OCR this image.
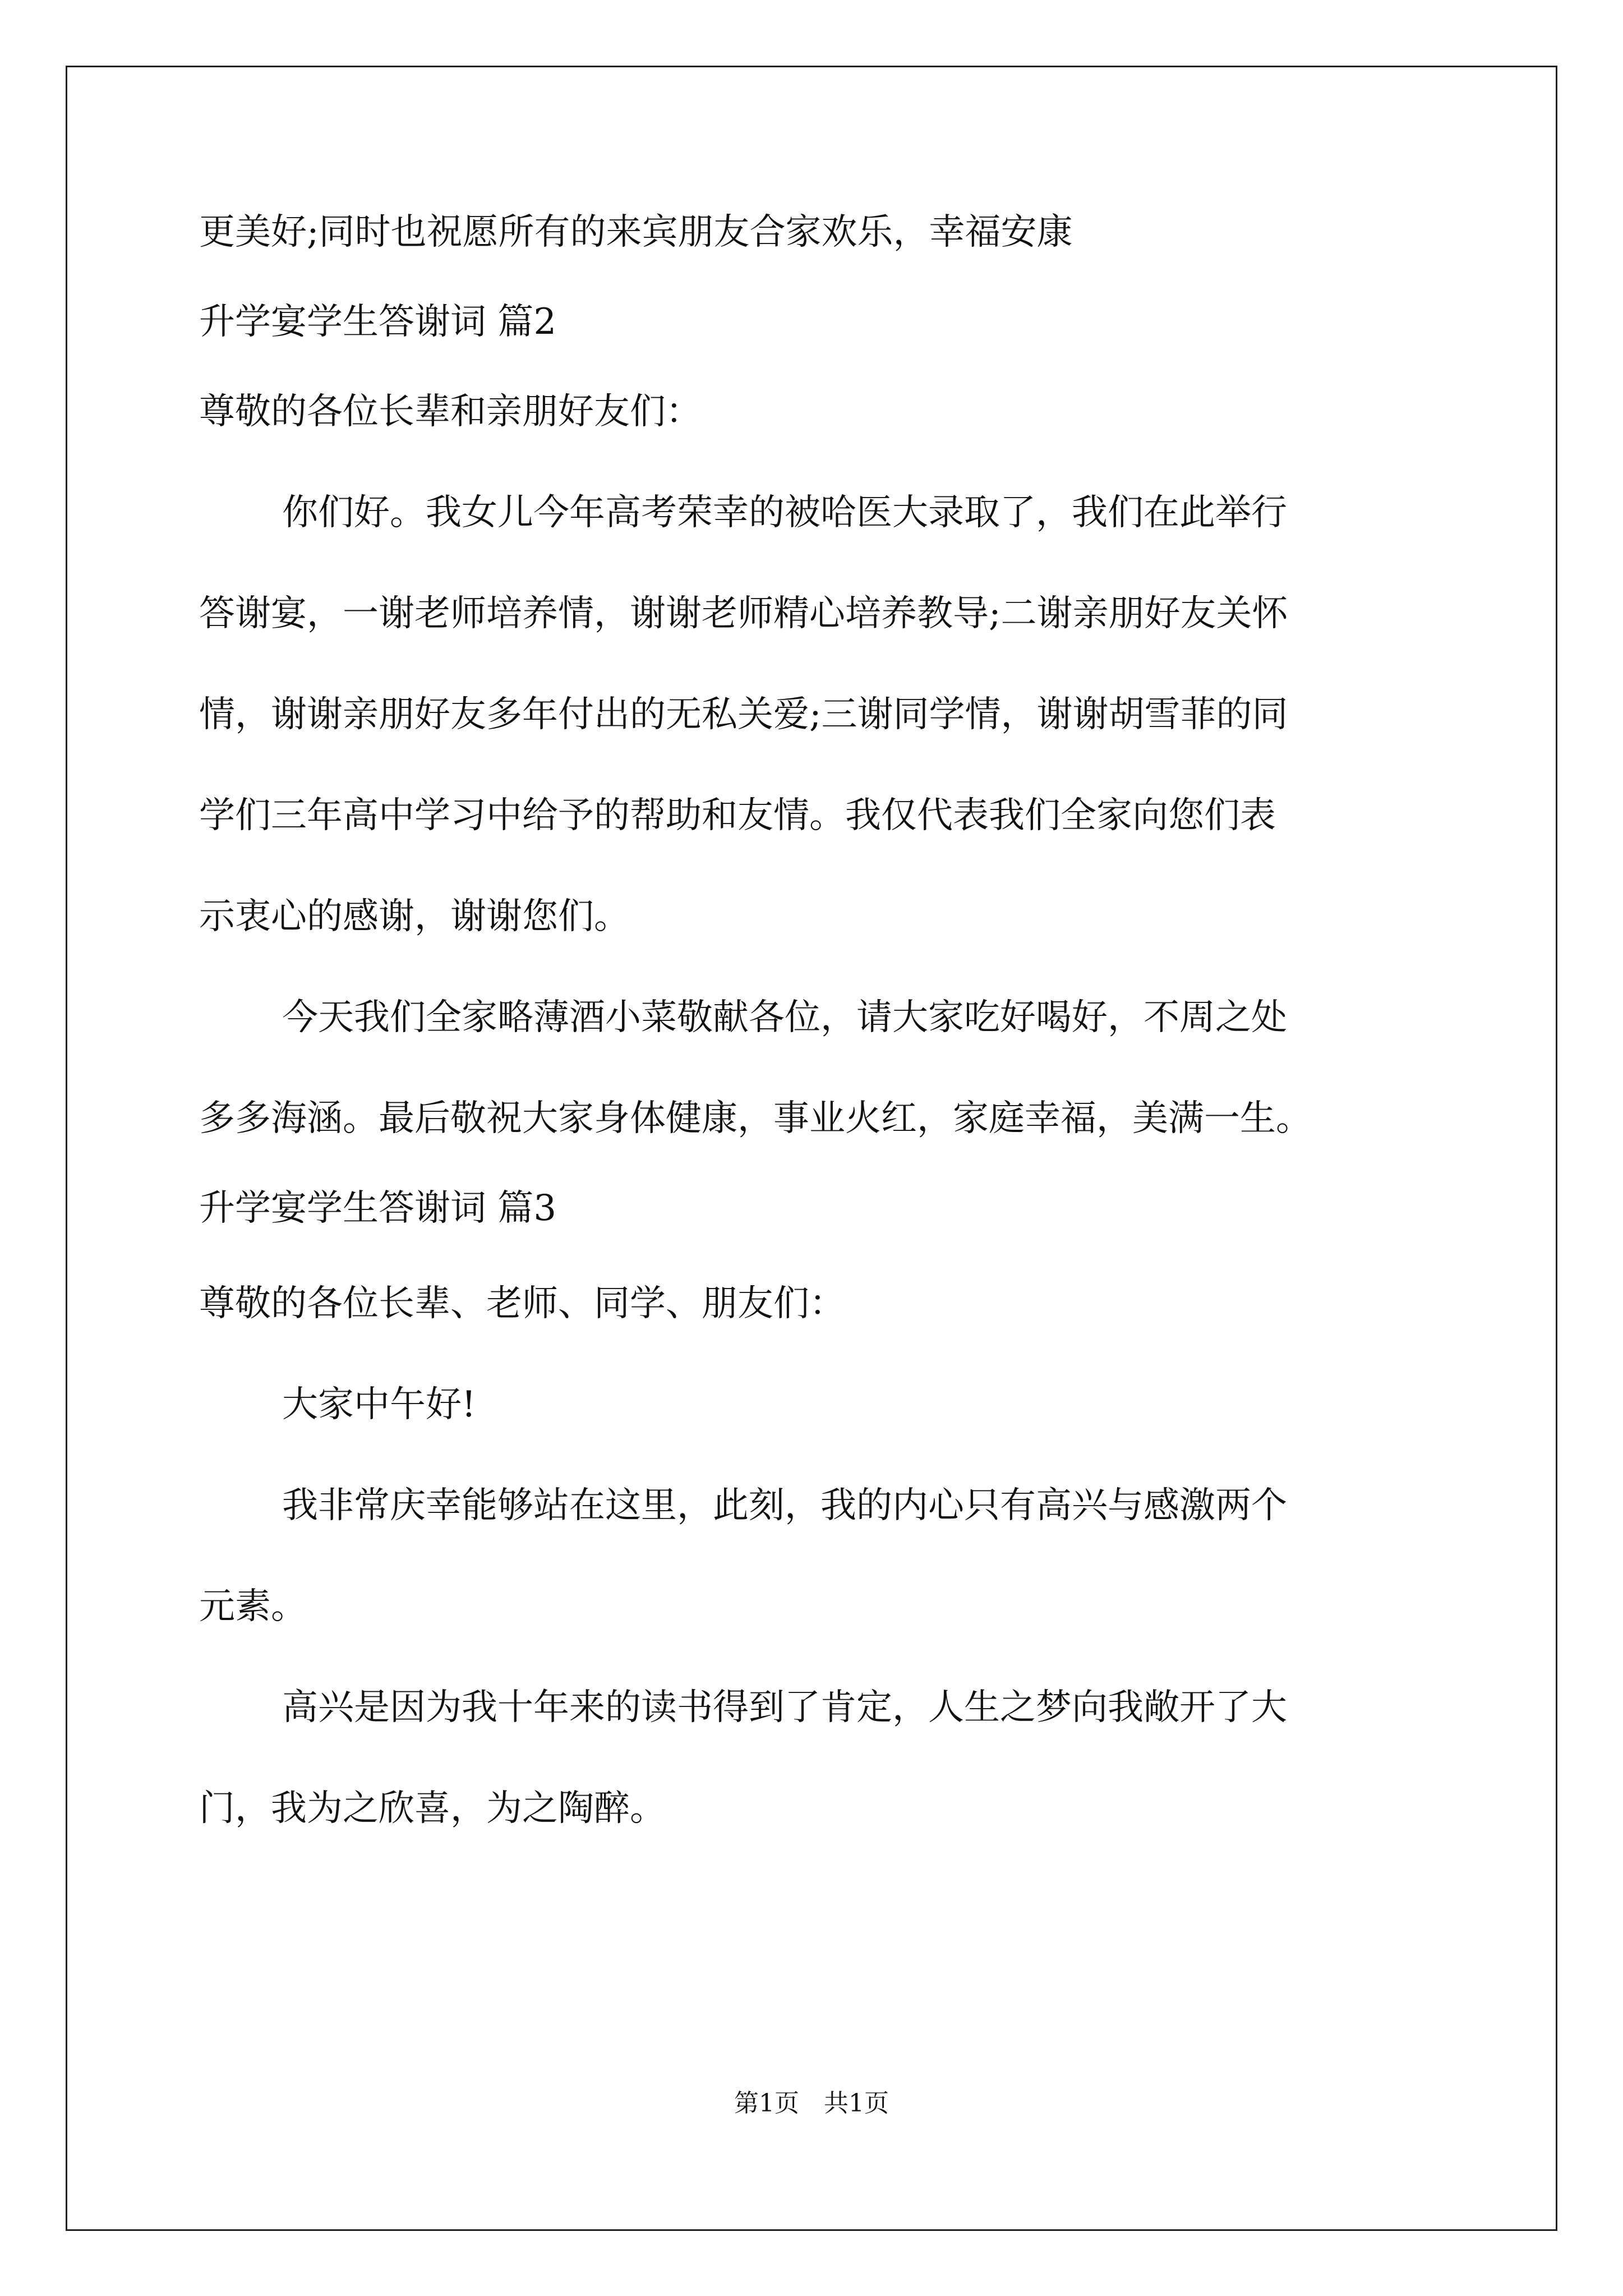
更美好;同时也祝愿所有的来宾朋友合家欢乐，幸福安康

升学宴学生答谢词 篇2

尊敬的各位长辈和亲朋好友们：

你们好。我女儿今年高考荣幸的被哈医大录取了，我们在此举行

答谢宴，一谢老师培养情，谢谢老师精心培养教导;二谢亲朋好友关怀

情，谢谢亲朋好友多年付出的无私关爱;三谢同学情，谢谢胡雪菲的同

学们三年高中学习中给予的帮助和友情。我仅代表我们全家向您们表

示衷心的感谢，谢谢您们。

今天我们全家略薄酒小菜敬献各位，请大家吃好喝好，不周之处

多多海涵。最后敬祝大家身体健康，事业火红，家庭幸福，美满一生。

升学宴学生答谢词 篇3

尊敬的各位长辈、老师、同学、朋友们：

大家中午好!

我非常庆幸能够站在这里，此刻，我的内心只有高兴与感激两个

元素。

高兴是因为我十年来的读书得到了肯定，人生之梦向我敞开了大

门，我为之欣喜，为之陶醉。

第1页　共1页
